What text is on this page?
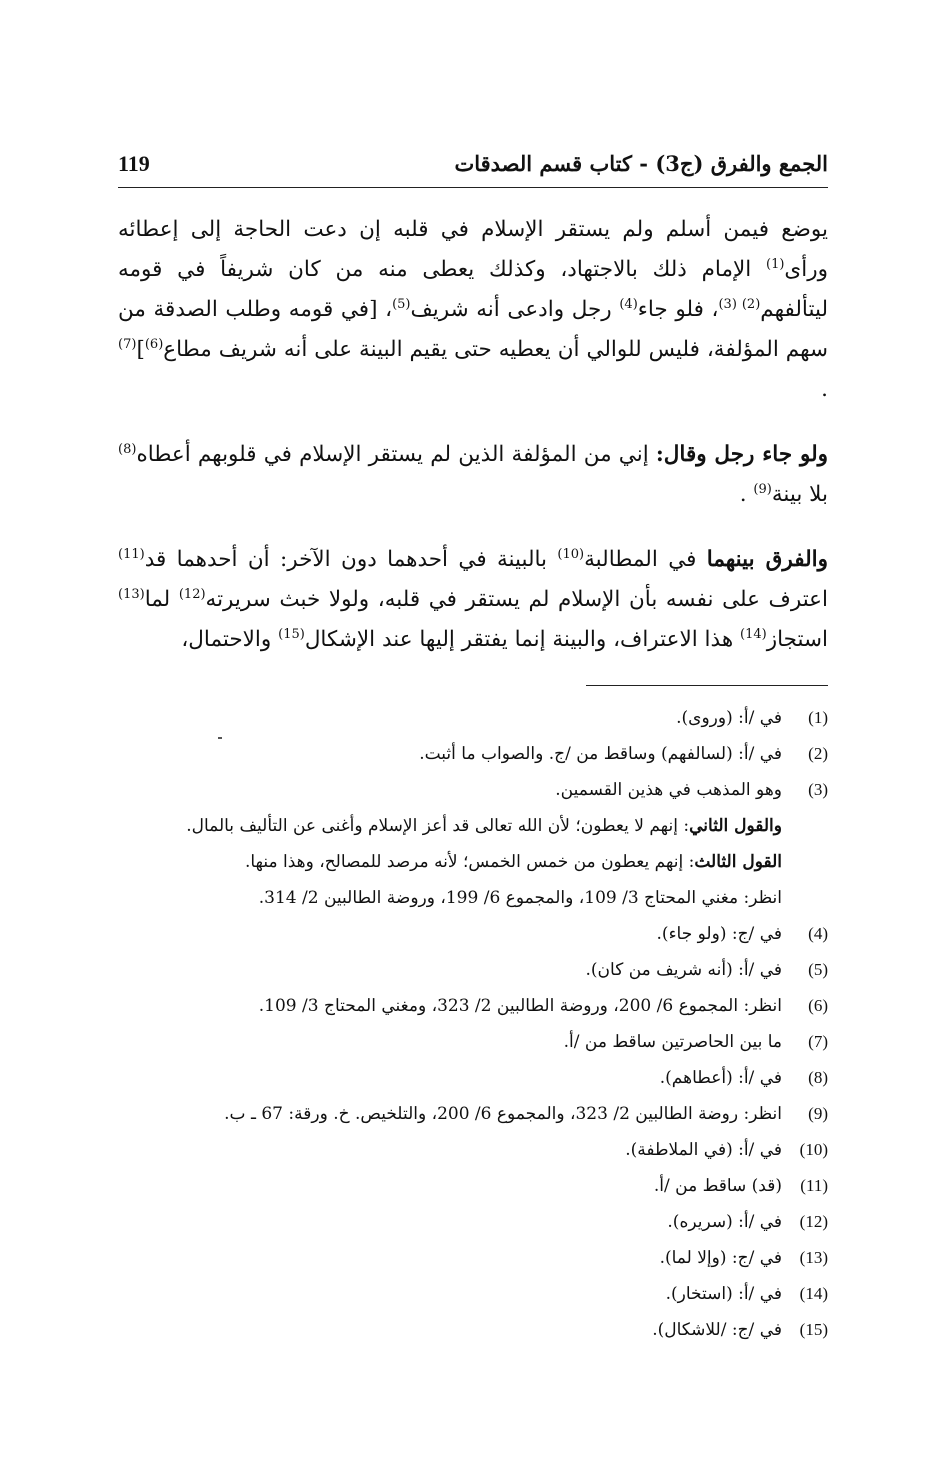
119	الجمع والفرق (ج3) - كتاب قسم الصدقات
يوضع فيمن أسلم ولم يستقر الإسلام في قلبه إن دعت الحاجة إلى إعطائه ورأى$^{(1)}$ الإمام ذلك بالاجتهاد، وكذلك يعطى منه من كان شريفاً في قومه ليتألفهم$^{(2) (3)}$، فلو جاء$^{(4)}$ رجل وادعى أنه شريف$^{(5)}$، [في قومه وطلب الصدقة من سهم المؤلفة، فليس للوالي أن يعطيه حتى يقيم البينة على أنه شريف مطاع$^{(6)}$]$^{(7)}$ .
ولو جاء رجل وقال: إني من المؤلفة الذين لم يستقر الإسلام في قلوبهم أعطاه$^{(8)}$ بلا بينة$^{(9)}$ .
والفرق بينهما في المطالبة$^{(10)}$ بالبينة في أحدهما دون الآخر: أن أحدهما قد$^{(11)}$ اعترف على نفسه بأن الإسلام لم يستقر في قلبه، ولولا خبث سريرته$^{(12)}$ لما$^{(13)}$ استجاز$^{(14)}$ هذا الاعتراف، والبينة إنما يفتقر إليها عند الإشكال$^{(15)}$ والاحتمال،
(1)
في /أ: (وروى).
(2)
في /أ: (لسالفهم) وساقط من /ج. والصواب ما أثبت.
(3)
وهو المذهب في هذين القسمين.
والقول الثاني: إنهم لا يعطون؛ لأن الله تعالى قد أعز الإسلام وأغنى عن التأليف بالمال.
القول الثالث: إنهم يعطون من خمس الخمس؛ لأنه مرصد للمصالح، وهذا منها.
انظر: مغني المحتاج 3/ 109، والمجموع 6/ 199، وروضة الطالبين 2/ 314.
(4)
في /ج: (ولو جاء).
(5)
في /أ: (أنه شريف من كان).
(6)
انظر: المجموع 6/ 200، وروضة الطالبين 2/ 323، ومغني المحتاج 3/ 109.
(7)
ما بين الحاصرتين ساقط من /أ.
(8)
في /أ: (أعطاهم).
(9)
انظر: روضة الطالبين 2/ 323، والمجموع 6/ 200، والتلخيص. خ. ورقة: 67 ـ ب.
(10)
في /أ: (في الملاطفة).
(11)
(قد) ساقط من /أ.
(12)
في /أ: (سريره).
(13)
في /ج: (وإلا لما).
(14)
في /أ: (استخار).
(15)
في /ج: /للاشكال).
